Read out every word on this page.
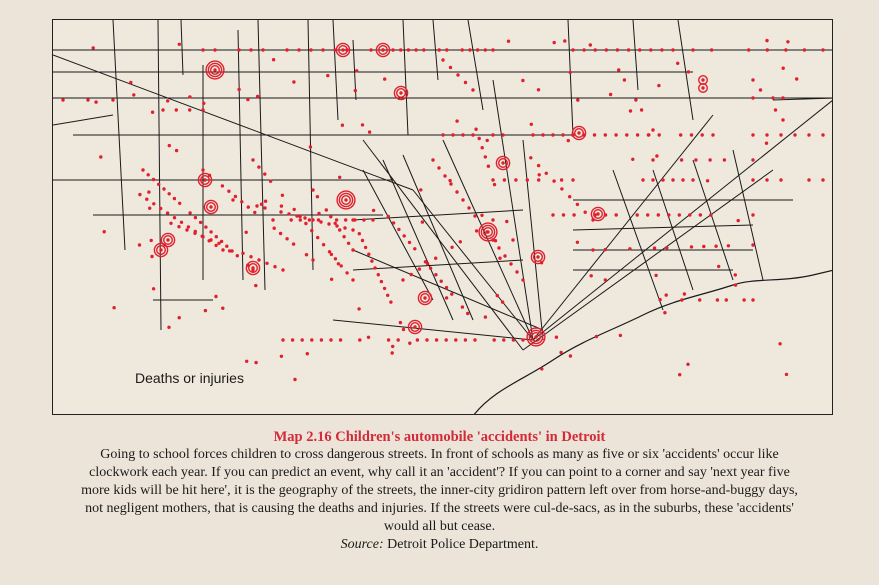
Deaths or injuries
Map 2.16 Children's automobile 'accidents' in Detroit
Going to school forces children to cross dangerous streets. In front of schools as many as five or six 'accidents' occur like
clockwork each year. If you can predict an event, why call it an 'accident'? If you can point to a corner and say 'next year five
more kids will be hit here', it is the geography of the streets, the inner-city gridiron pattern left over from horse-and-buggy days,
not negligent mothers, that is causing the deaths and injuries. If the streets were cul-de-sacs, as in the suburbs, these 'accidents'
would all but cease.
Source: Detroit Police Department.
